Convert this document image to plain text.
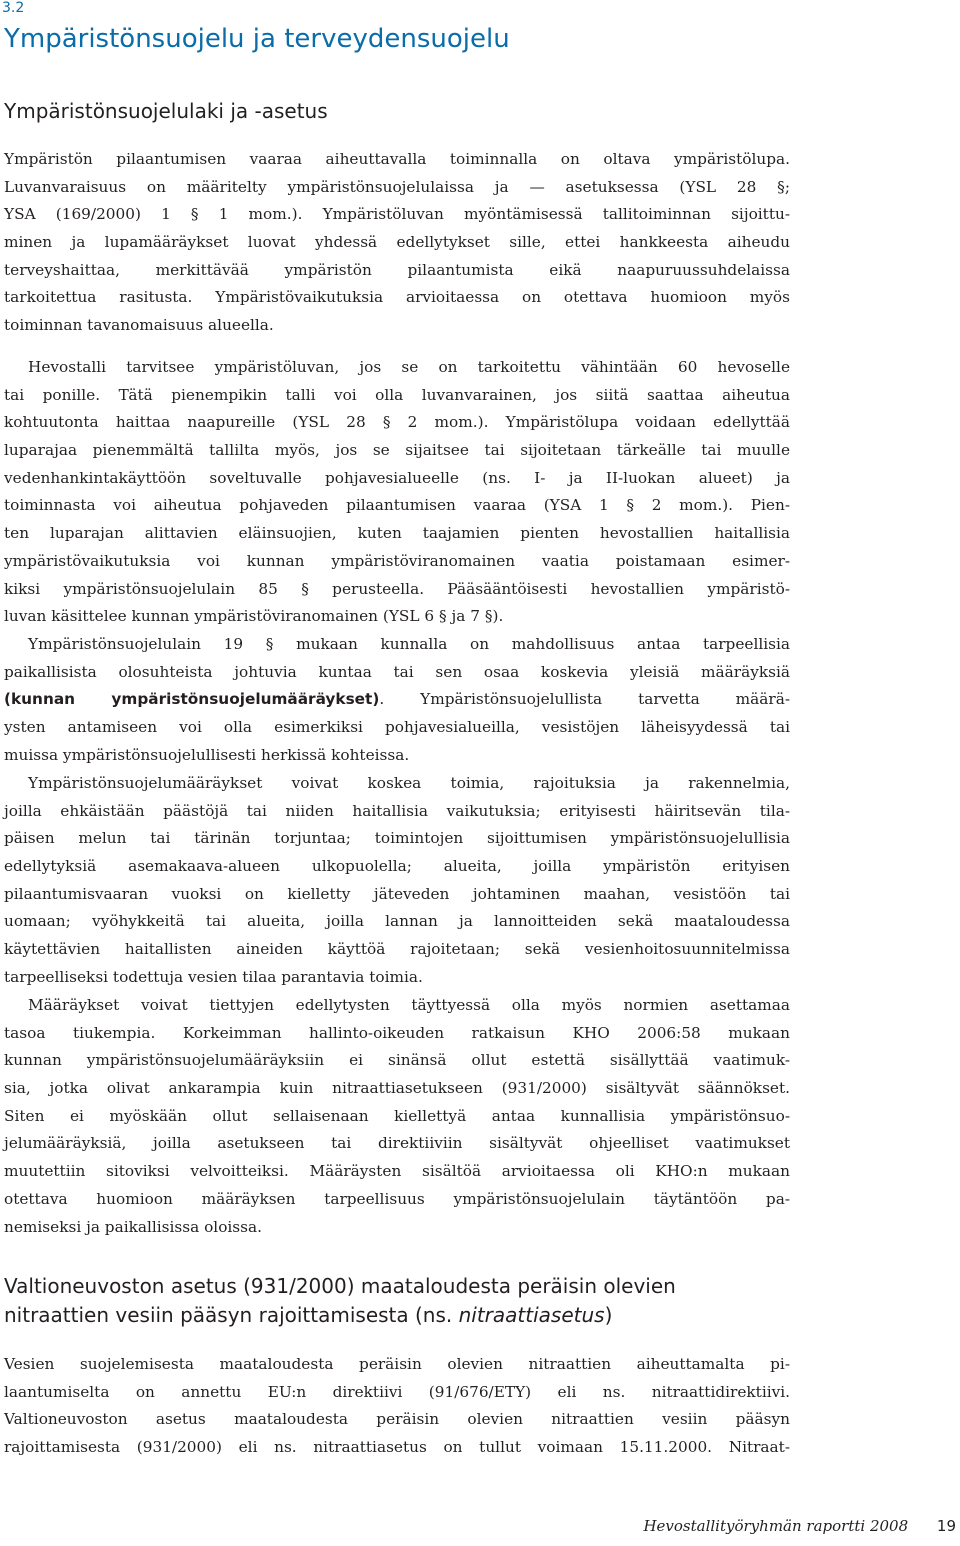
3.2
Ympäristönsuojelu ja terveydensuojelu
Ympäristönsuojelulaki ja -asetus
Ympäristön pilaantumisen vaaraa aiheuttavalla toiminnalla on oltava ympäristölupa.
Luvanvaraisuus on määritelty ympäristönsuojelulaissa ja — asetuksessa (YSL 28 §;
YSA (169/2000) 1 § 1 mom.). Ympäristöluvan myöntämisessä tallitoiminnan sijoittu-
minen ja lupamääräykset luovat yhdessä edellytykset sille, ettei hankkeesta aiheudu
terveyshaittaa, merkittävää ympäristön pilaantumista eikä naapuruussuhdelaissa
tarkoitettua rasitusta. Ympäristövaikutuksia arvioitaessa on otettava huomioon myös
toiminnan tavanomaisuus alueella.
Hevostalli tarvitsee ympäristöluvan, jos se on tarkoitettu vähintään 60 hevoselle
tai ponille. Tätä pienempikin talli voi olla luvanvarainen, jos siitä saattaa aiheutua
kohtuutonta haittaa naapureille (YSL 28 § 2 mom.). Ympäristölupa voidaan edellyttää
luparajaa pienemmältä tallilta myös, jos se sijaitsee tai sijoitetaan tärkeälle tai muulle
vedenhankintakäyttöön soveltuvalle pohjavesialueelle (ns. I- ja II-luokan alueet) ja
toiminnasta voi aiheutua pohjaveden pilaantumisen vaaraa (YSA 1 § 2 mom.). Pien-
ten luparajan alittavien eläinsuojien, kuten taajamien pienten hevostallien haitallisia
ympäristövaikutuksia voi kunnan ympäristöviranomainen vaatia poistamaan esimer-
kiksi ympäristönsuojelulain 85 § perusteella. Pääsääntöisesti hevostallien ympäristö-
luvan käsittelee kunnan ympäristöviranomainen (YSL 6 § ja 7 §).
Ympäristönsuojelulain 19 § mukaan kunnalla on mahdollisuus antaa tarpeellisia
paikallisista olosuhteista johtuvia kuntaa tai sen osaa koskevia yleisiä määräyksiä
(kunnan ympäristönsuojelumääräykset). Ympäristönsuojelullista tarvetta määrä-
ysten antamiseen voi olla esimerkiksi pohjavesialueilla, vesistöjen läheisyydessä tai
muissa ympäristönsuojelullisesti herkissä kohteissa.
Ympäristönsuojelumääräykset voivat koskea toimia, rajoituksia ja rakennelmia,
joilla ehkäistään päästöjä tai niiden haitallisia vaikutuksia; erityisesti häiritsevän tila-
päisen melun tai tärinän torjuntaa; toimintojen sijoittumisen ympäristönsuojelullisia
edellytyksiä asemakaava-alueen ulkopuolella; alueita, joilla ympäristön erityisen
pilaantumisvaaran vuoksi on kielletty jäteveden johtaminen maahan, vesistöön tai
uomaan; vyöhykkeitä tai alueita, joilla lannan ja lannoitteiden sekä maataloudessa
käytettävien haitallisten aineiden käyttöä rajoitetaan; sekä vesienhoitosuunnitelmissa
tarpeelliseksi todettuja vesien tilaa parantavia toimia.
Määräykset voivat tiettyjen edellytysten täyttyessä olla myös normien asettamaa
tasoa tiukempia. Korkeimman hallinto-oikeuden ratkaisun KHO 2006:58 mukaan
kunnan ympäristönsuojelumääräyksiin ei sinänsä ollut estettä sisällyttää vaatimuk-
sia, jotka olivat ankarampia kuin nitraattiasetukseen (931/2000) sisältyvät säännökset.
Siten ei myöskään ollut sellaisenaan kiellettyä antaa kunnallisia ympäristönsuo-
jelumääräyksiä, joilla asetukseen tai direktiiviin sisältyvät ohjeelliset vaatimukset
muutettiin sitoviksi velvoitteiksi. Määräysten sisältöä arvioitaessa oli KHO:n mukaan
otettava huomioon määräyksen tarpeellisuus ympäristönsuojelulain täytäntöön pa-
nemiseksi ja paikallisissa oloissa.
Valtioneuvoston asetus (931/2000) maataloudesta peräisin olevien
nitraattien vesiin pääsyn rajoittamisesta (ns. nitraattiasetus)
Vesien suojelemisesta maataloudesta peräisin olevien nitraattien aiheuttamalta pi-
laantumiselta on annettu EU:n direktiivi (91/676/ETY) eli ns. nitraattidirektiivi.
Valtioneuvoston asetus maataloudesta peräisin olevien nitraattien vesiin pääsyn
rajoittamisesta (931/2000) eli ns. nitraattiasetus on tullut voimaan 15.11.2000. Nitraat-
Hevostallityöryhmän raportti 2008 19
